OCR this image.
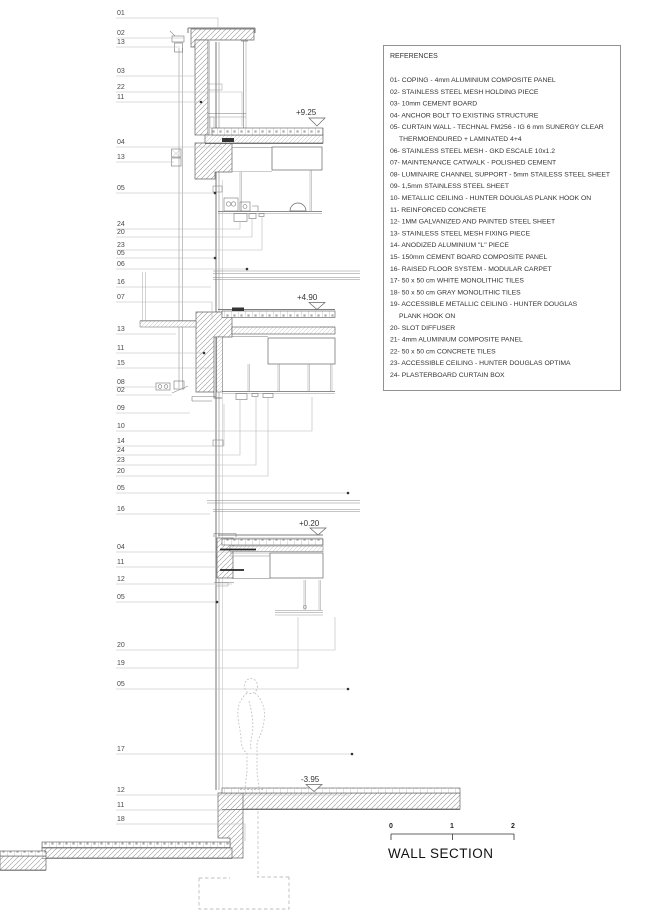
01
02
13
03
22
11
04
13
05
24
20
23
05
06
16
07
13
11
15
08
02
09
10
14
24
23
20
05
16
04
11
12
05
20
19
05
17
12
11
18
+9.25
+4.90
+0.20
-3.95
REFERENCES
01- COPING - 4mm ALUMINIUM COMPOSITE PANEL
02- STAINLESS STEEL MESH HOLDING PIECE
03- 10mm CEMENT BOARD
04- ANCHOR BOLT TO EXISTING STRUCTURE
05- CURTAIN WALL - TECHNAL FM256 - IG 6 mm SUNERGY CLEAR
THERMOENDURED + LAMINATED 4+4
06- STAINLESS STEEL MESH - GKD ESCALE 10x1.2
07- MAINTENANCE CATWALK - POLISHED CEMENT
08- LUMINAIRE CHANNEL SUPPORT - 5mm STAILESS STEEL SHEET
09- 1,5mm STAINLESS STEEL SHEET
10- METALLIC CEILING - HUNTER DOUGLAS PLANK HOOK ON
11- REINFORCED CONCRETE
12- 1MM GALVANIZED AND PAINTED STEEL SHEET
13- STAINLESS STEEL MESH FIXING PIECE
14- ANODIZED ALUMINIUM "L" PIECE
15- 150mm CEMENT BOARD COMPOSITE PANEL
16- RAISED FLOOR SYSTEM - MODULAR CARPET
17- 50 x 50 cm WHITE MONOLITHIC TILES
18- 50 x 50 cm GRAY MONOLITHIC TILES
19- ACCESSIBLE METALLIC CEILING - HUNTER DOUGLAS
PLANK HOOK ON
20- SLOT DIFFUSER
21- 4mm ALUMINIUM COMPOSITE PANEL
22- 50 x 50 cm CONCRETE TILES
23- ACCESSIBLE CEILING - HUNTER DOUGLAS OPTIMA
24- PLASTERBOARD CURTAIN BOX
0	1	2
WALL SECTION
